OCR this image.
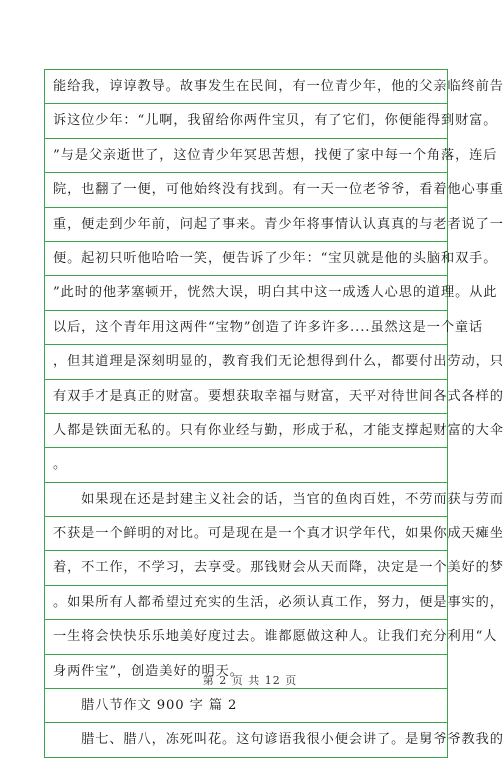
能给我，谆谆教导。故事发生在民间，有一位青少年，他的父亲临终前告
诉这位少年：“儿啊，我留给你两件宝贝，有了它们，你便能得到财富。
”与是父亲逝世了，这位青少年冥思苦想，找便了家中每一个角落，连后
院，也翻了一便，可他始终没有找到。有一天一位老爷爷，看着他心事重
重，便走到少年前，问起了事来。青少年将事情认认真真的与老者说了一
便。起初只听他哈哈一笑，便告诉了少年：“宝贝就是他的头脑和双手。
”此时的他茅塞顿开，恍然大误，明白其中这一成透人心思的道理。从此
以后，这个青年用这两件“宝物”创造了许多许多....虽然这是一个童话
，但其道理是深刻明显的，教育我们无论想得到什么，都要付出劳动，只
有双手才是真正的财富。要想获取幸福与财富，天平对待世间各式各样的
人都是铁面无私的。只有你业经与勤，形成于私，才能支撑起财富的大伞
。
　　如果现在还是封建主义社会的话，当官的鱼肉百姓，不劳而获与劳而
不获是一个鲜明的对比。可是现在是一个真才识学年代，如果你成天瘫坐
着，不工作，不学习，去享受。那钱财会从天而降，决定是一个美好的梦
。如果所有人都希望过充实的生活，必须认真工作，努力，便是事实的，
一生将会快快乐乐地美好度过去。谁都愿做这种人。让我们充分利用“人
身两件宝”，创造美好的明天。
　　腊八节作文 900 字 篇 2
　　腊七、腊八，冻死叫花。这句谚语我很小便会讲了。是舅爷爷教我的
第 2 页 共 12 页
